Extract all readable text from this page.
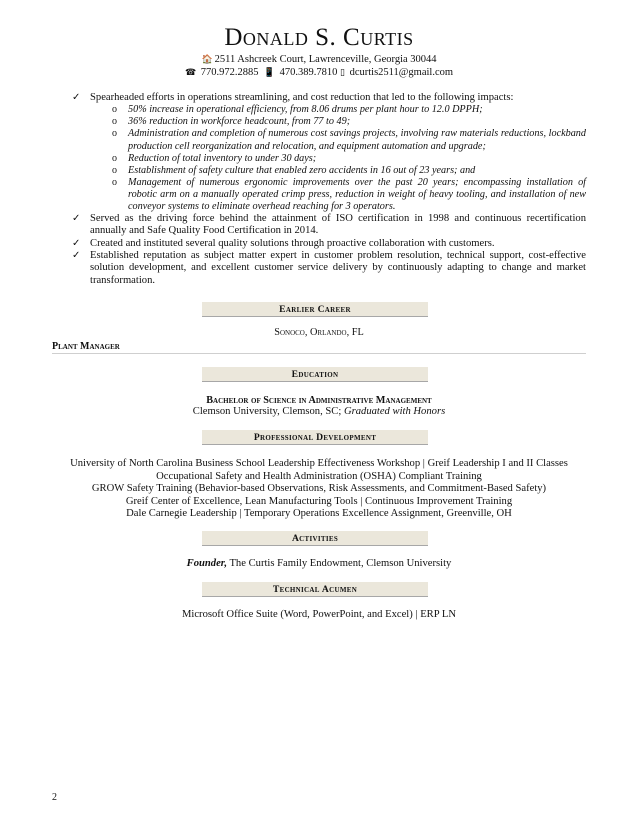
Donald S. Curtis
🏠 2511 Ashcreek Court, Lawrenceville, Georgia 30044
☎ 770.972.2885 📱 470.389.7810 ▯ dcurtis2511@gmail.com
✓ Spearheaded efforts in operations streamlining, and cost reduction that led to the following impacts:
o 50% increase in operational efficiency, from 8.06 drums per plant hour to 12.0 DPPH;
o 36% reduction in workforce headcount, from 77 to 49;
o Administration and completion of numerous cost savings projects, involving raw materials reductions, lockband production cell reorganization and relocation, and equipment automation and upgrade;
o Reduction of total inventory to under 30 days;
o Establishment of safety culture that enabled zero accidents in 16 out of 23 years; and
o Management of numerous ergonomic improvements over the past 20 years; encompassing installation of robotic arm on a manually operated crimp press, reduction in weight of heavy tooling, and installation of new conveyor systems to eliminate overhead reaching for 3 operators.
✓ Served as the driving force behind the attainment of ISO certification in 1998 and continuous recertification annually and Safe Quality Food Certification in 2014.
✓ Created and instituted several quality solutions through proactive collaboration with customers.
✓ Established reputation as subject matter expert in customer problem resolution, technical support, cost-effective solution development, and excellent customer service delivery by continuously adapting to change and market transformation.
Earlier Career
Sonoco, Orlando, FL
Plant Manager
Education
Bachelor of Science in Administrative Management
Clemson University, Clemson, SC; Graduated with Honors
Professional Development
University of North Carolina Business School Leadership Effectiveness Workshop | Greif Leadership I and II Classes
Occupational Safety and Health Administration (OSHA) Compliant Training
GROW Safety Training (Behavior-based Observations, Risk Assessments, and Commitment-Based Safety)
Greif Center of Excellence, Lean Manufacturing Tools | Continuous Improvement Training
Dale Carnegie Leadership | Temporary Operations Excellence Assignment, Greenville, OH
Activities
Founder, The Curtis Family Endowment, Clemson University
Technical Acumen
Microsoft Office Suite (Word, PowerPoint, and Excel) | ERP LN
2
